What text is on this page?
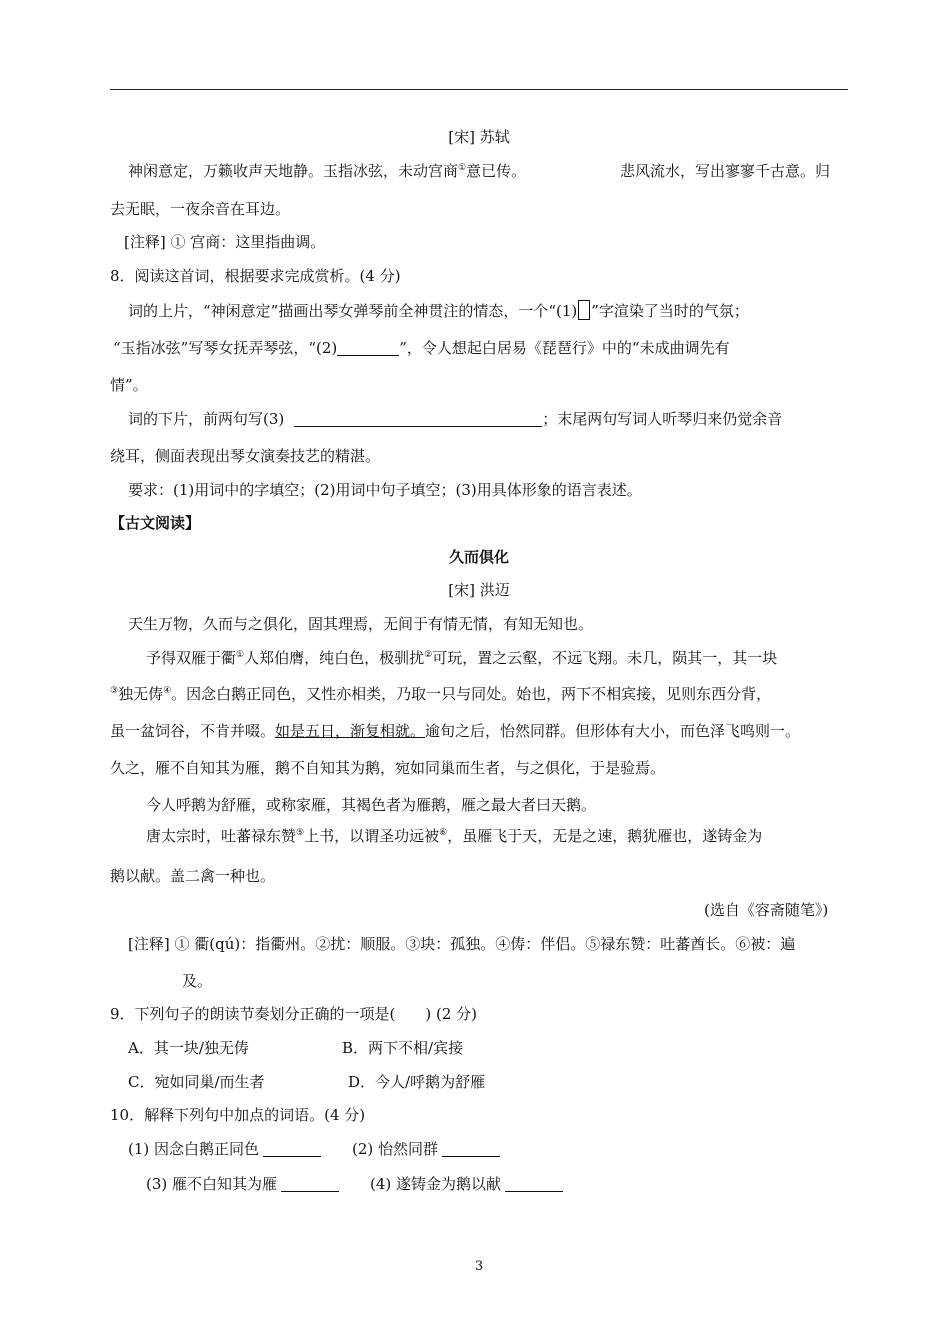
[宋] 苏轼
神闲意定，万籁收声天地静。玉指冰弦，未动宫商①意已传。	悲风流水，写出寥寥千古意。归
去无眠，一夜余音在耳边。
[注释] ① 宫商：这里指曲调。
8．阅读这首词，根据要求完成赏析。(4 分)
词的上片，“神闲意定”描画出琴女弹琴前全神贯注的情态，一个“(1) ”字渲染了当时的气氛；
“玉指冰弦”写琴女抚弄琴弦，“(2)	”，令人想起白居易《琵琶行》中的“未成曲调先有
情”。
词的下片，前两句写(3)	；末尾两句写词人听琴归来仍觉余音
绕耳，侧面表现出琴女演奏技艺的精湛。
要求：(1)用词中的字填空；(2)用词中句子填空；(3)用具体形象的语言表述。
【古文阅读】
久而俱化
[宋] 洪迈
天生万物，久而与之俱化，固其理焉，无间于有情无情，有知无知也。
予得双雁于衢①人郑伯膺，纯白色，极驯扰②可玩，置之云壑，不远飞翔。未几，陨其一，其一块
③独无俦④。因念白鹅正同色，又性亦相类，乃取一只与同处。始也，两下不相宾接，见则东西分背，
虽一盆饲谷，不肯并啜。如是五日，渐复相就。逾旬之后，怡然同群。但形体有大小，而色泽飞鸣则一。
久之，雁不自知其为雁，鹅不自知其为鹅，宛如同巢而生者，与之俱化，于是验焉。
今人呼鹅为舒雁，或称家雁，其褐色者为雁鹅，雁之最大者曰天鹅。
唐太宗时，吐蕃禄东赞⑤上书，以谓圣功远被⑥，虽雁飞于天，无是之速，鹅犹雁也，遂铸金为
鹅以献。盖二禽一种也。
(选自《容斋随笔》)
[注释] ① 衢(qú)：指衢州。②扰：顺服。③块：孤独。④俦：伴侣。⑤禄东赞：吐蕃酋长。⑥被：遍
及。
9．下列句子的朗读节奏划分正确的一项是(　　) (2 分)
A．其一块/独无俦	B．两下不相/宾接
C．宛如同巢/而生者	D．今人/呼鹅为舒雁
10．解释下列句中加点的词语。(4 分)
(1) 因念白鹅正同色	(2) 怡然同群
(3) 雁不白知其为雁	(4) 遂铸金为鹅以献
3
